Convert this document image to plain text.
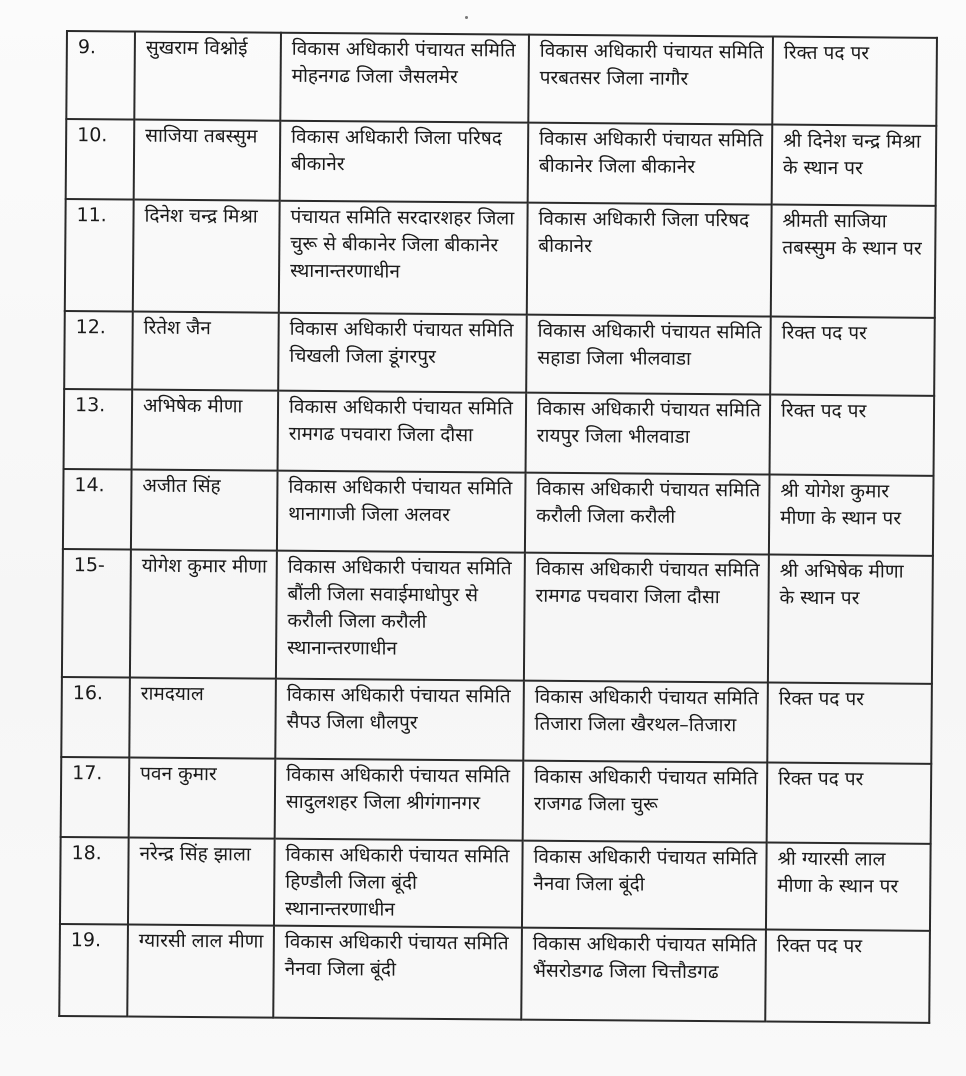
9.	सुखराम विश्नोई	विकास अधिकारी पंचायत समिति मोहनगढ जिला जैसलमेर	विकास अधिकारी पंचायत समिति परबतसर जिला नागौर	रिक्त पद पर

10.	साजिया तबस्सुम	विकास अधिकारी जिला परिषद बीकानेर	विकास अधिकारी पंचायत समिति बीकानेर जिला बीकानेर	श्री दिनेश चन्द्र मिश्रा के स्थान पर

11.	दिनेश चन्द्र मिश्रा	पंचायत समिति सरदारशहर जिला चुरू से बीकानेर जिला बीकानेर स्थानान्तरणाधीन	विकास अधिकारी जिला परिषद बीकानेर	श्रीमती साजिया तबस्सुम के स्थान पर

12.	रितेश जैन	विकास अधिकारी पंचायत समिति चिखली जिला डूंगरपुर	विकास अधिकारी पंचायत समिति सहाडा जिला भीलवाडा	रिक्त पद पर

13.	अभिषेक मीणा	विकास अधिकारी पंचायत समिति रामगढ पचवारा जिला दौसा	विकास अधिकारी पंचायत समिति रायपुर जिला भीलवाडा	रिक्त पद पर

14.	अजीत सिंह	विकास अधिकारी पंचायत समिति थानागाजी जिला अलवर	विकास अधिकारी पंचायत समिति करौली जिला करौली	श्री योगेश कुमार मीणा के स्थान पर

15-	योगेश कुमार मीणा	विकास अधिकारी पंचायत समिति बौंली जिला सवाईमाधोपुर से करौली जिला करौली स्थानान्तरणाधीन	विकास अधिकारी पंचायत समिति रामगढ पचवारा जिला दौसा	श्री अभिषेक मीणा के स्थान पर

16.	रामदयाल	विकास अधिकारी पंचायत समिति सैपउ जिला धौलपुर	विकास अधिकारी पंचायत समिति तिजारा जिला खैरथल–तिजारा	रिक्त पद पर

17.	पवन कुमार	विकास अधिकारी पंचायत समिति सादुलशहर जिला श्रीगंगानगर	विकास अधिकारी पंचायत समिति राजगढ जिला चुरू	रिक्त पद पर

18.	नरेन्द्र सिंह झाला	विकास अधिकारी पंचायत समिति हिण्डौली जिला बूंदी स्थानान्तरणाधीन	विकास अधिकारी पंचायत समिति नैनवा जिला बूंदी	श्री ग्यारसी लाल मीणा के स्थान पर

19.	ग्यारसी लाल मीणा	विकास अधिकारी पंचायत समिति नैनवा जिला बूंदी	विकास अधिकारी पंचायत समिति भैंसरोडगढ जिला चित्तौडगढ	रिक्त पद पर
